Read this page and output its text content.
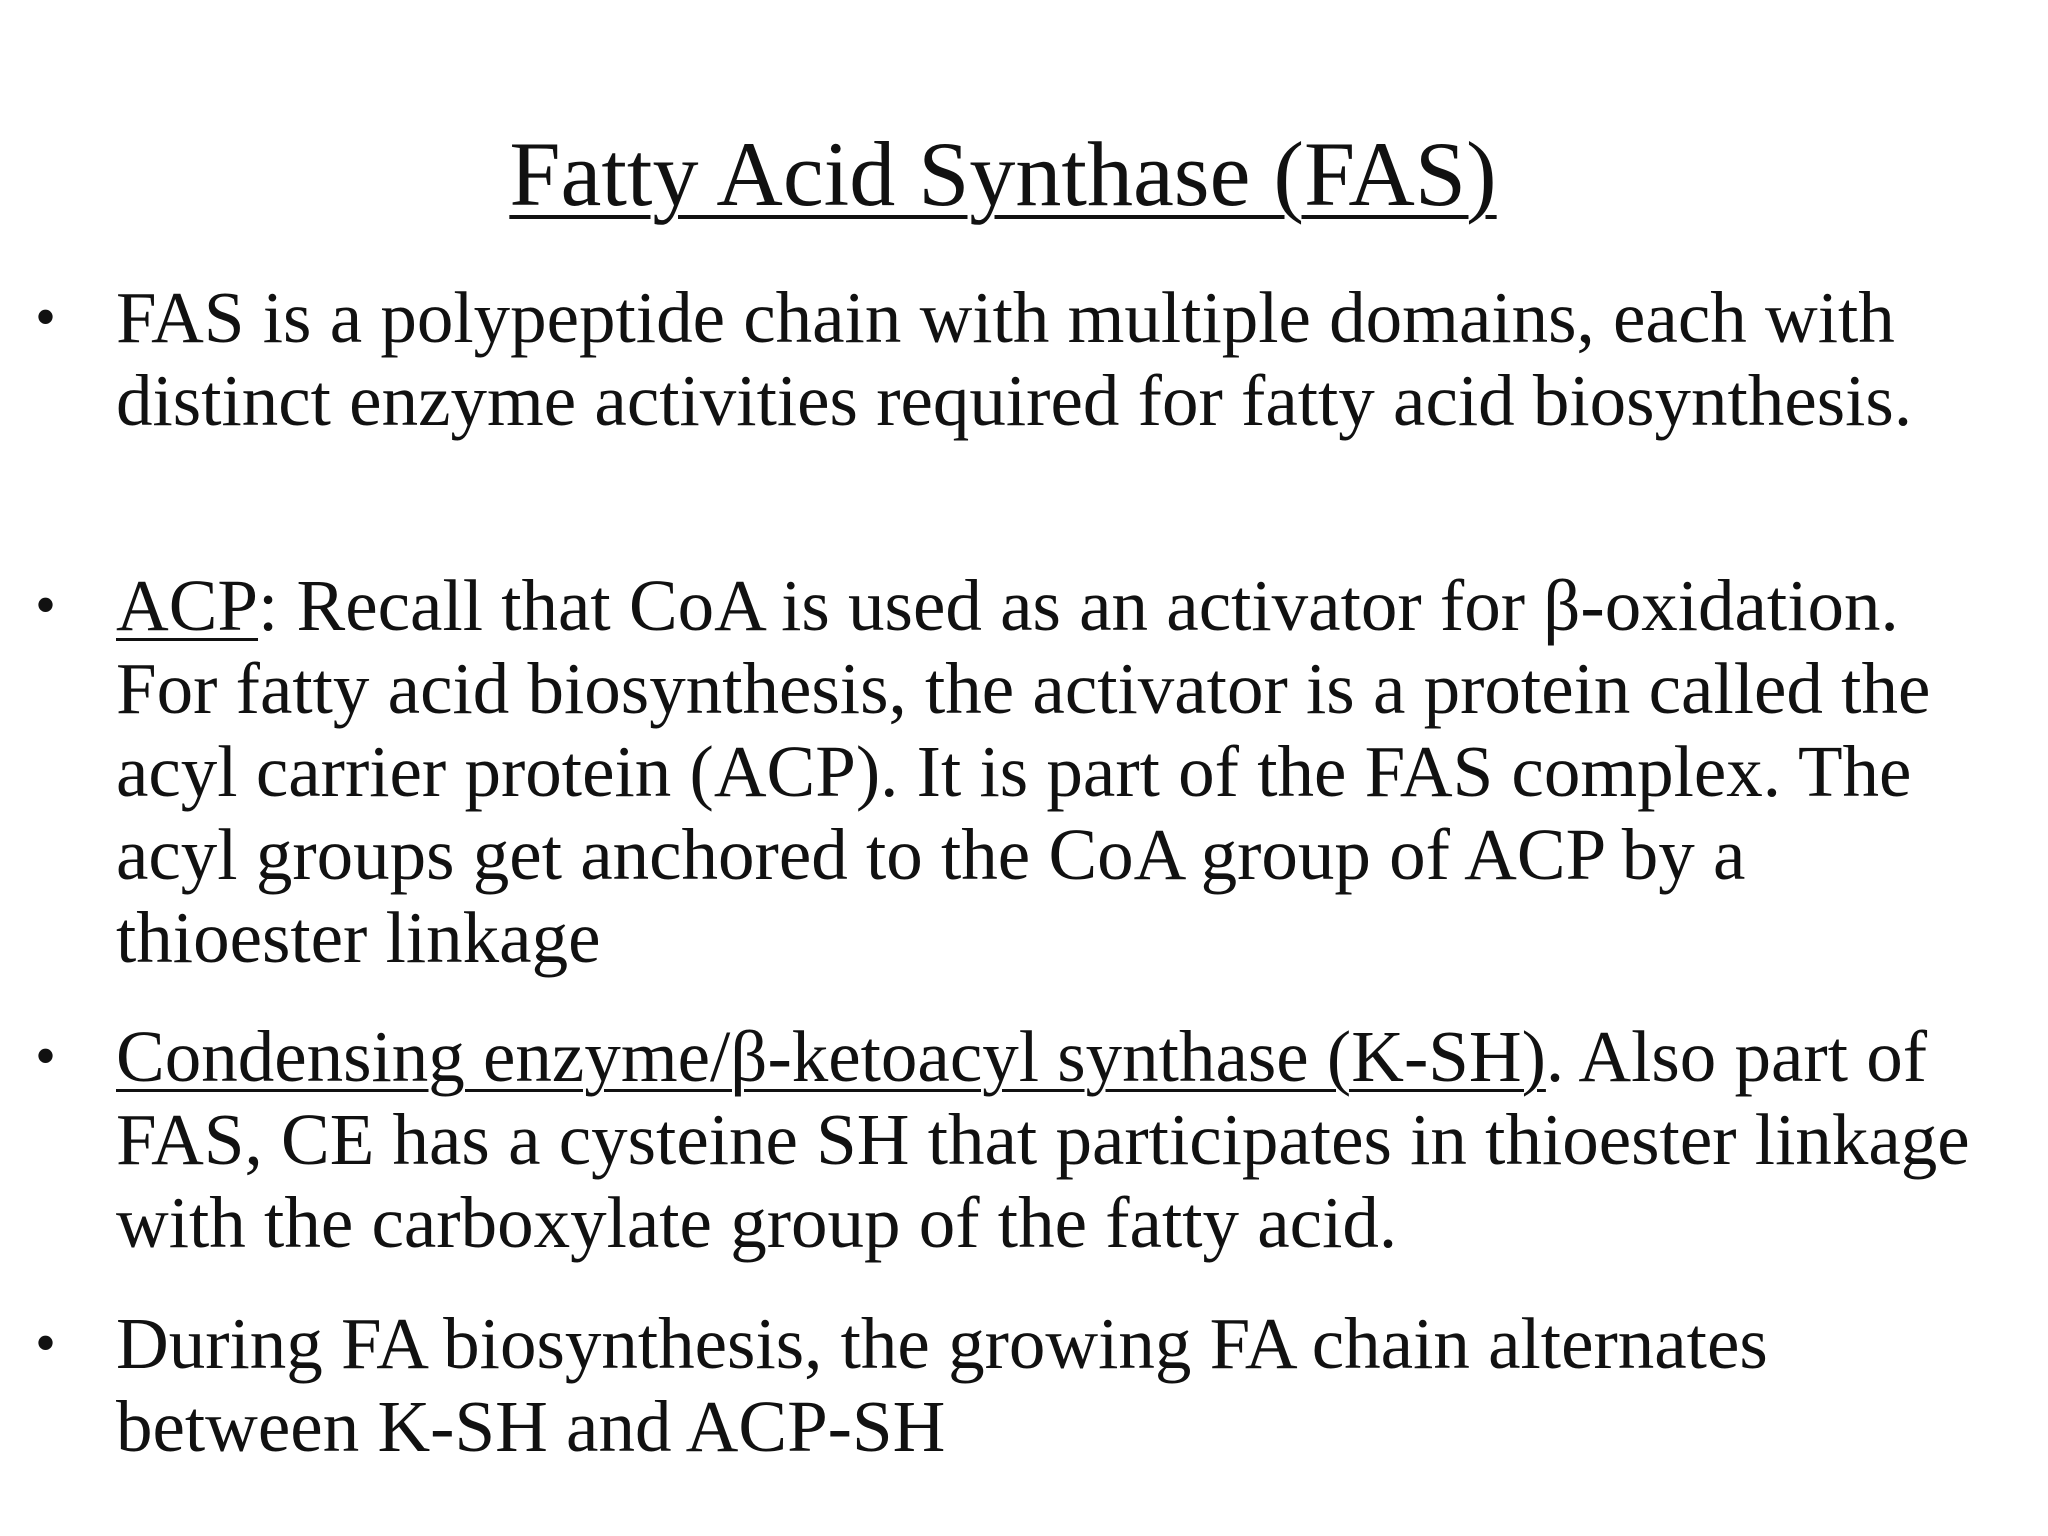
Fatty Acid Synthase (FAS)
• FAS is a polypeptide chain with multiple domains, each with distinct enzyme activities required for fatty acid biosynthesis.
• ACP: Recall that CoA is used as an activator for β-oxidation. For fatty acid biosynthesis, the activator is a protein called the acyl carrier protein (ACP). It is part of the FAS complex. The acyl groups get anchored to the CoA group of ACP by a thioester linkage
• Condensing enzyme/β-ketoacyl synthase (K-SH). Also part of FAS, CE has a cysteine SH that participates in thioester linkage with the carboxylate group of the fatty acid.
• During FA biosynthesis, the growing FA chain alternates between K-SH and ACP-SH
